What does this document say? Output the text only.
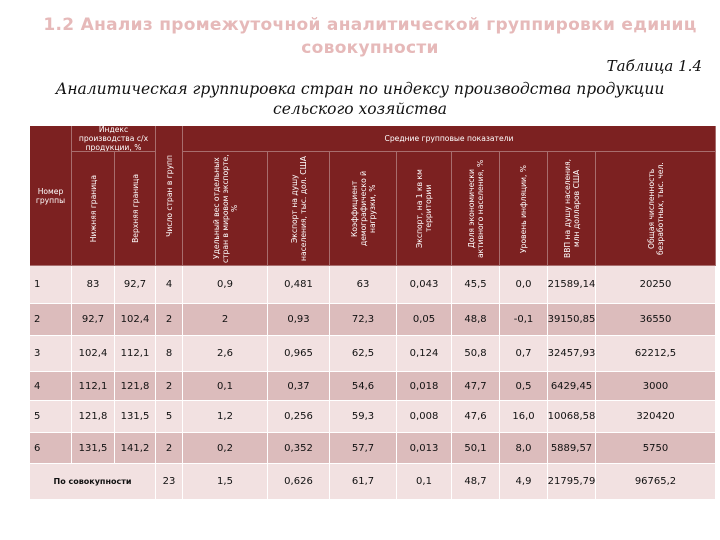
1.2 Анализ промежуточной аналитической группировки единиц совокупности
Таблица 1.4
Аналитическая группировка стран по индексу производства продукции сельского хозяйства
Номер группы
Индекс производства с/х продукции, %
Нижняя граница	Верхняя граница	Число стран в групп
Средние групповые показатели
Удельный вес отдельных стран в мировом экспорте, %	Экспорт на душу населения, тыс. дол. США	Коэффициент демографическо й нагрузки, %	Экспорт, на 1 кв км территории	Доля экономически активного населения, %	Уровень инфляции, %	ВВП на душу населения, млн долларов США	Общая численность безработных, тыс. чел.
1	83	92,7	4	0,9	0,481	63	0,043	45,5	0,0	21589,14	20250
2	92,7	102,4	2	2	0,93	72,3	0,05	48,8	-0,1	39150,85	36550
3	102,4	112,1	8	2,6	0,965	62,5	0,124	50,8	0,7	32457,93	62212,5
4	112,1	121,8	2	0,1	0,37	54,6	0,018	47,7	0,5	6429,45	3000
5	121,8	131,5	5	1,2	0,256	59,3	0,008	47,6	16,0	10068,58	320420
6	131,5	141,2	2	0,2	0,352	57,7	0,013	50,1	8,0	5889,57	5750
По совокупности	23	1,5	0,626	61,7	0,1	48,7	4,9	21795,79	96765,2
